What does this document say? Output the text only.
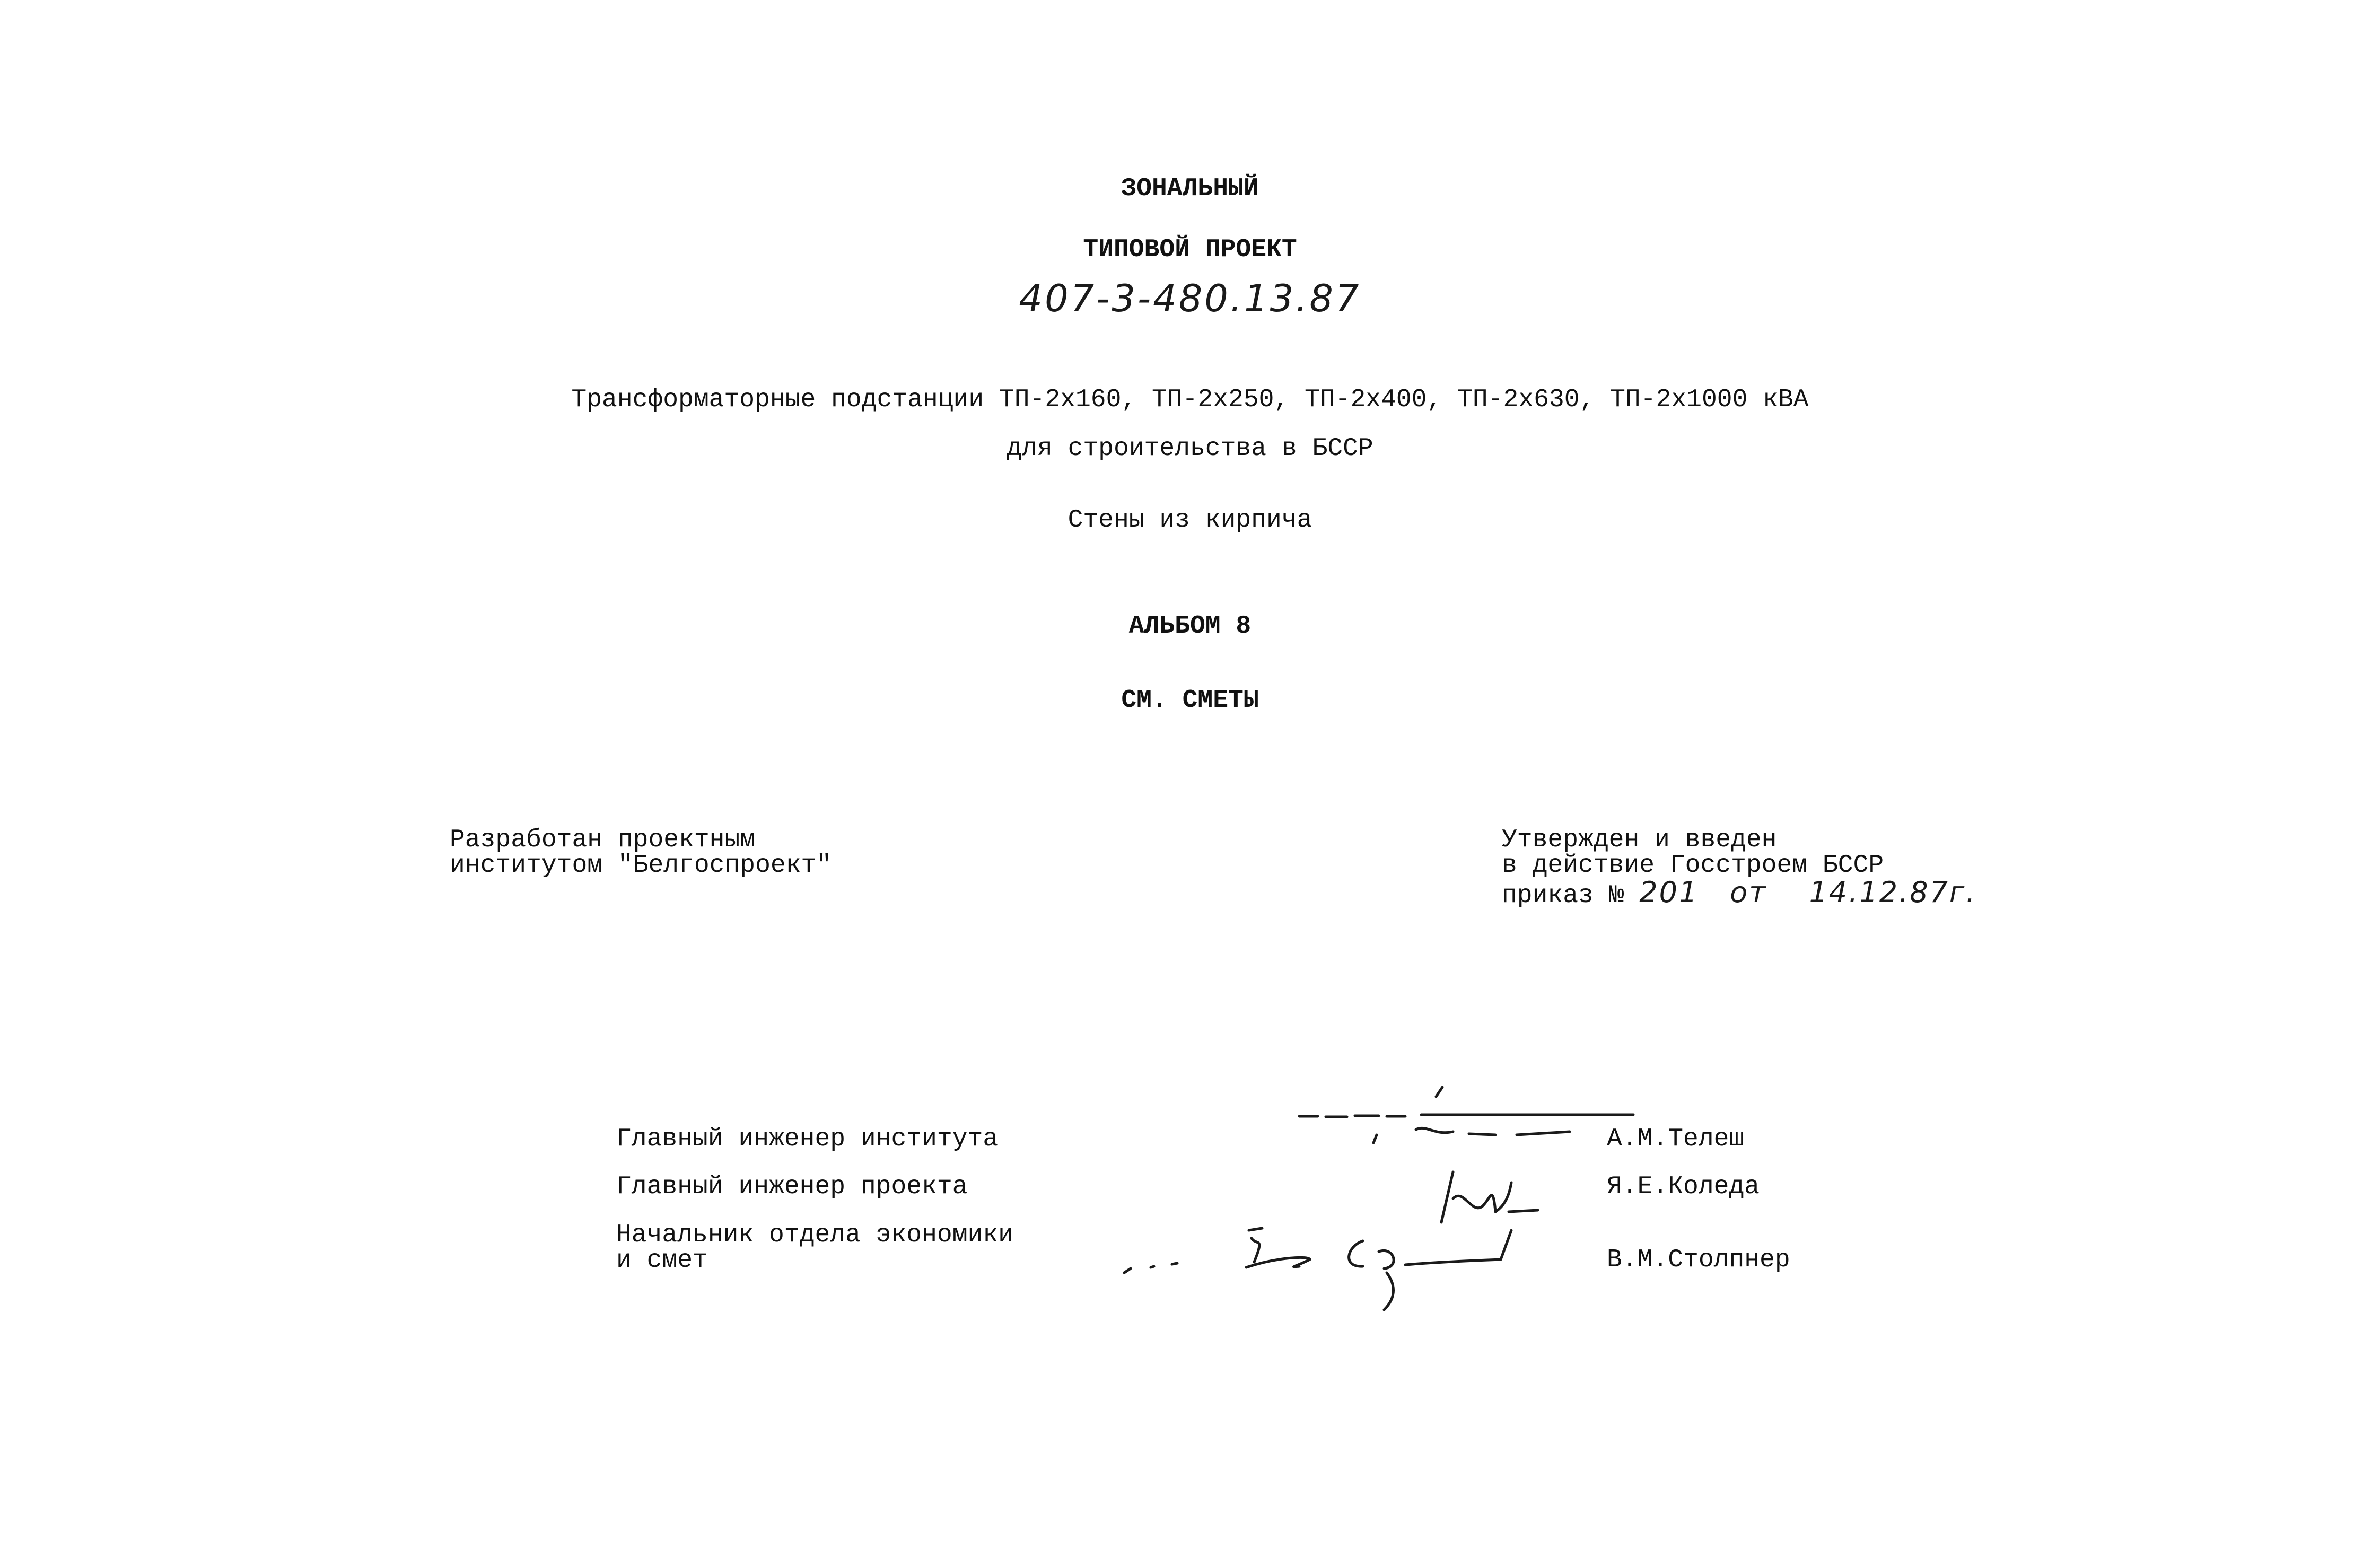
ЗОНАЛЬНЫЙ
ТИПОВОЙ ПРОЕКТ
407-3-480.13.87
Трансформаторные подстанции ТП-2х160, ТП-2х250, ТП-2х400, ТП-2х630, ТП-2х1000 кВА
для строительства в БССР
Стены из кирпича
АЛЬБОМ 8
СМ. СМЕТЫ
Разработан проектным
институтом "Белгоспроект"
Утвержден и введен
в действие Госстроем БССР
приказ № 201 от 14.12.87г.
Главный инженер института	А.М.Телеш
Главный инженер проекта	Я.Е.Коледа
Начальник отдела экономики
и смет	В.М.Столпнер
